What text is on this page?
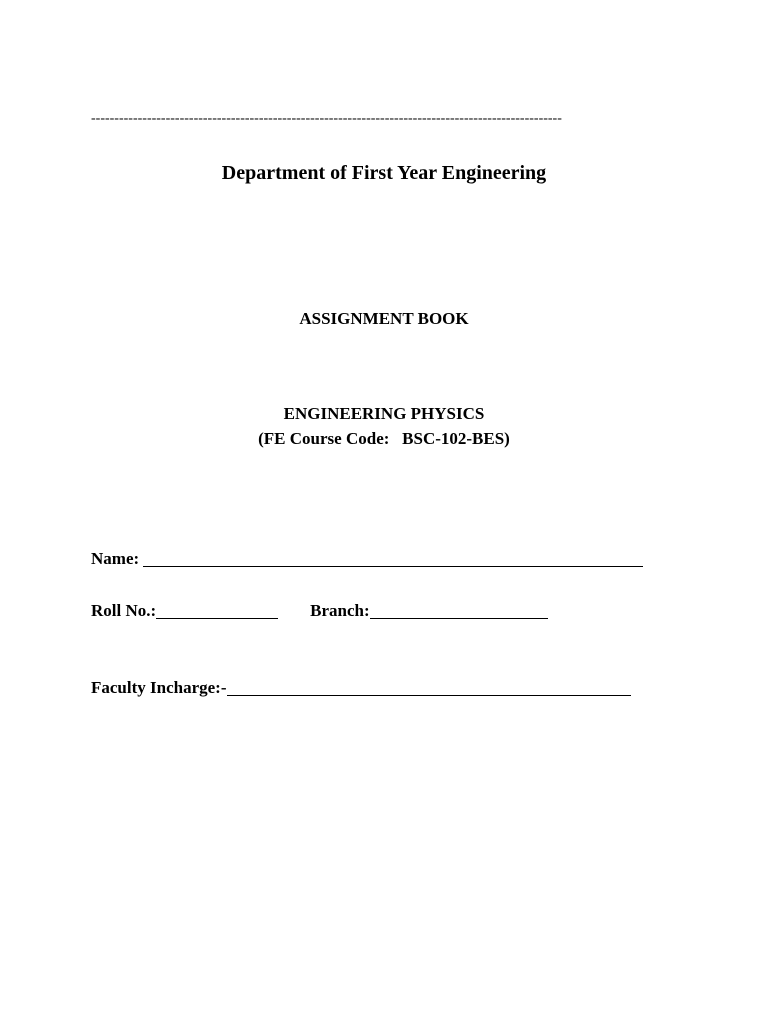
-----------------------------------------------------------------------------------------------------
Department of First Year Engineering
ASSIGNMENT BOOK
ENGINEERING PHYSICS
(FE Course Code:   BSC-102-BES)
Name:
Roll No.:	Branch:
Faculty Incharge:-
